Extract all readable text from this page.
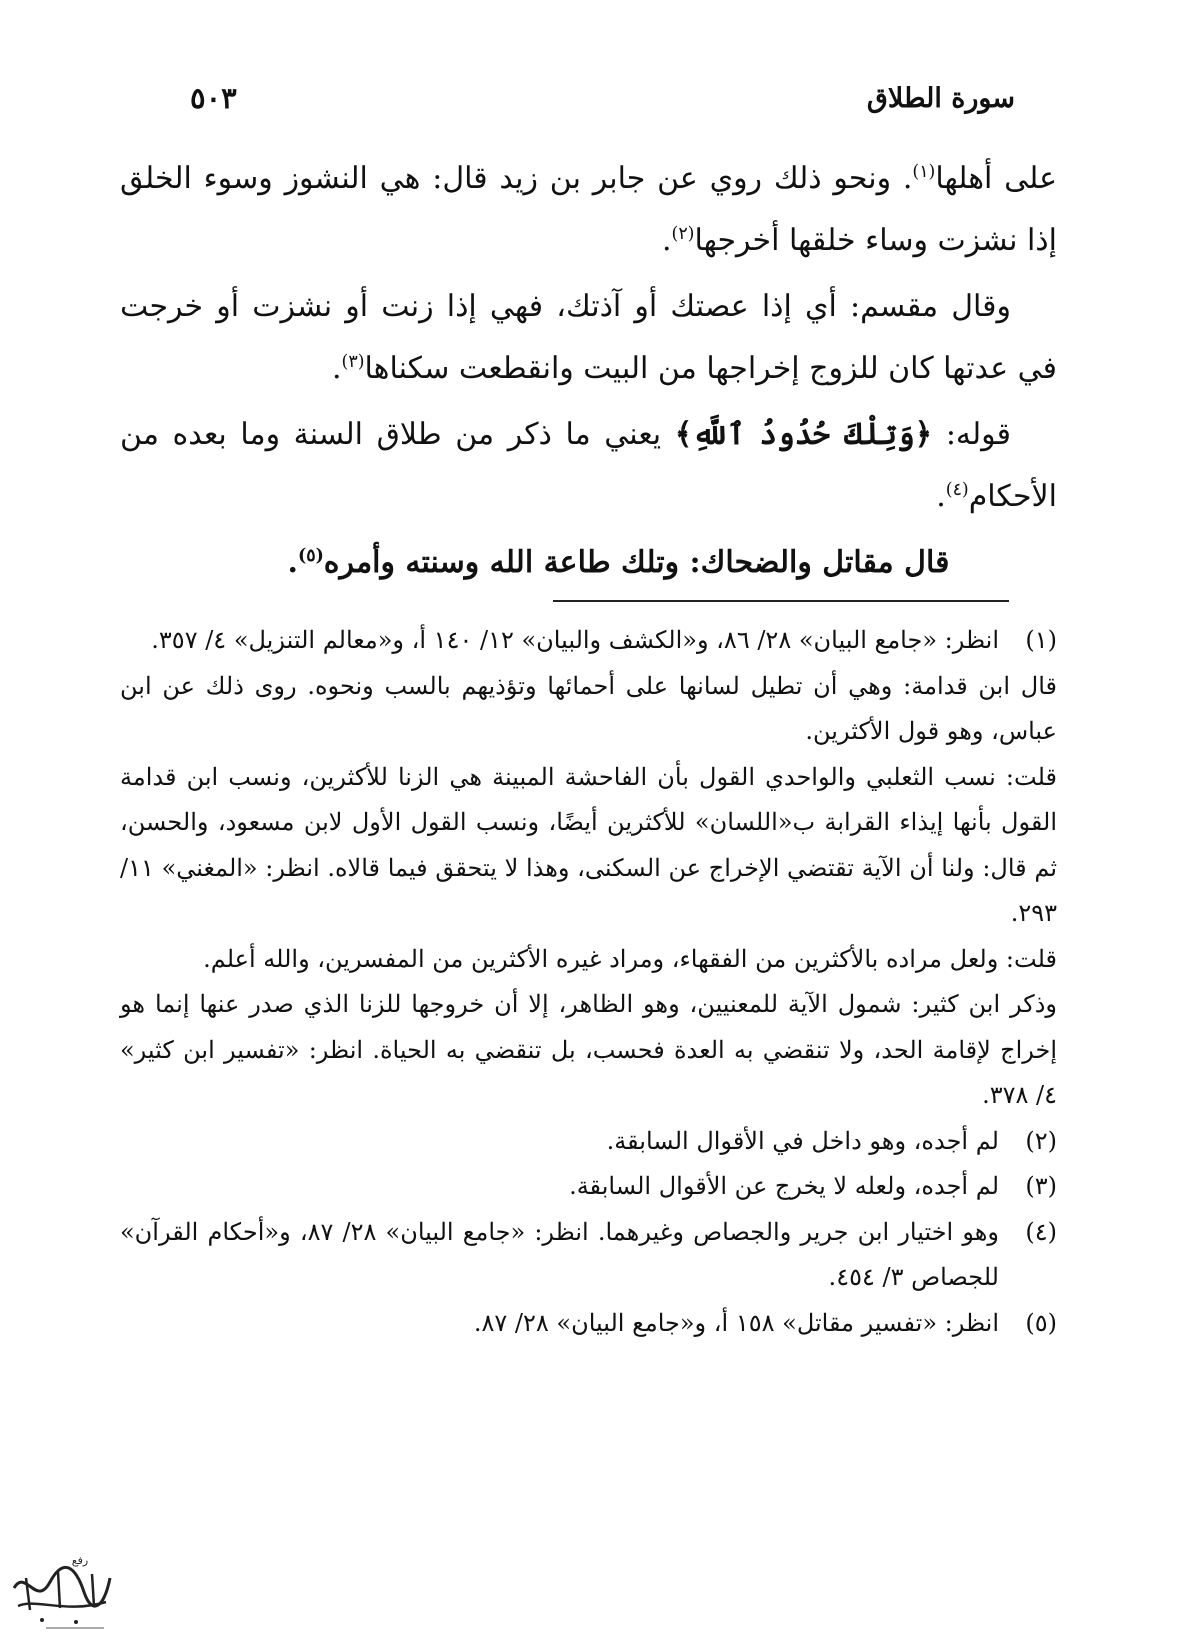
سورة الطلاق
٥٠٣

على أهلها$^{(١)}$. ونحو ذلك روي عن جابر بن زيد قال: هي النشوز وسوء الخلق إذا نشزت وساء خلقها أخرجها$^{(٢)}$.

وقال مقسم: أي إذا عصتك أو آذتك، فهي إذا زنت أو نشزت أو خرجت في عدتها كان للزوج إخراجها من البيت وانقطعت سكناها$^{(٣)}$.

قوله: ﴿وَتِلْكَ حُدُودُ ٱللَّهِ﴾ يعني ما ذكر من طلاق السنة وما بعده من الأحكام$^{(٤)}$.

قال مقاتل والضحاك: وتلك طاعة الله وسنته وأمره$^{(٥)}$.

(١)
انظر: «جامع البيان» ٢٨/ ٨٦، و«الكشف والبيان» ١٢/ ١٤٠ أ، و«معالم التنزيل» ٤/ ٣٥٧.

قال ابن قدامة: وهي أن تطيل لسانها على أحمائها وتؤذيهم بالسب ونحوه. روى ذلك عن ابن عباس، وهو قول الأكثرين.

قلت: نسب الثعلبي والواحدي القول بأن الفاحشة المبينة هي الزنا للأكثرين، ونسب ابن قدامة القول بأنها إيذاء القرابة ب«اللسان» للأكثرين أيضًا، ونسب القول الأول لابن مسعود، والحسن، ثم قال: ولنا أن الآية تقتضي الإخراج عن السكنى، وهذا لا يتحقق فيما قالاه. انظر: «المغني» ١١/ ٢٩٣.

قلت: ولعل مراده بالأكثرين من الفقهاء، ومراد غيره الأكثرين من المفسرين، والله أعلم.

وذكر ابن كثير: شمول الآية للمعنيين، وهو الظاهر، إلا أن خروجها للزنا الذي صدر عنها إنما هو إخراج لإقامة الحد، ولا تنقضي به العدة فحسب، بل تنقضي به الحياة. انظر: «تفسير ابن كثير» ٤/ ٣٧٨.

(٢)
لم أجده، وهو داخل في الأقوال السابقة.
(٣)
لم أجده، ولعله لا يخرج عن الأقوال السابقة.
(٤)
وهو اختيار ابن جرير والجصاص وغيرهما. انظر: «جامع البيان» ٢٨/ ٨٧، و«أحكام القرآن» للجصاص ٣/ ٤٥٤.
(٥)
انظر: «تفسير مقاتل» ١٥٨ أ، و«جامع البيان» ٢٨/ ٨٧.
رفع
